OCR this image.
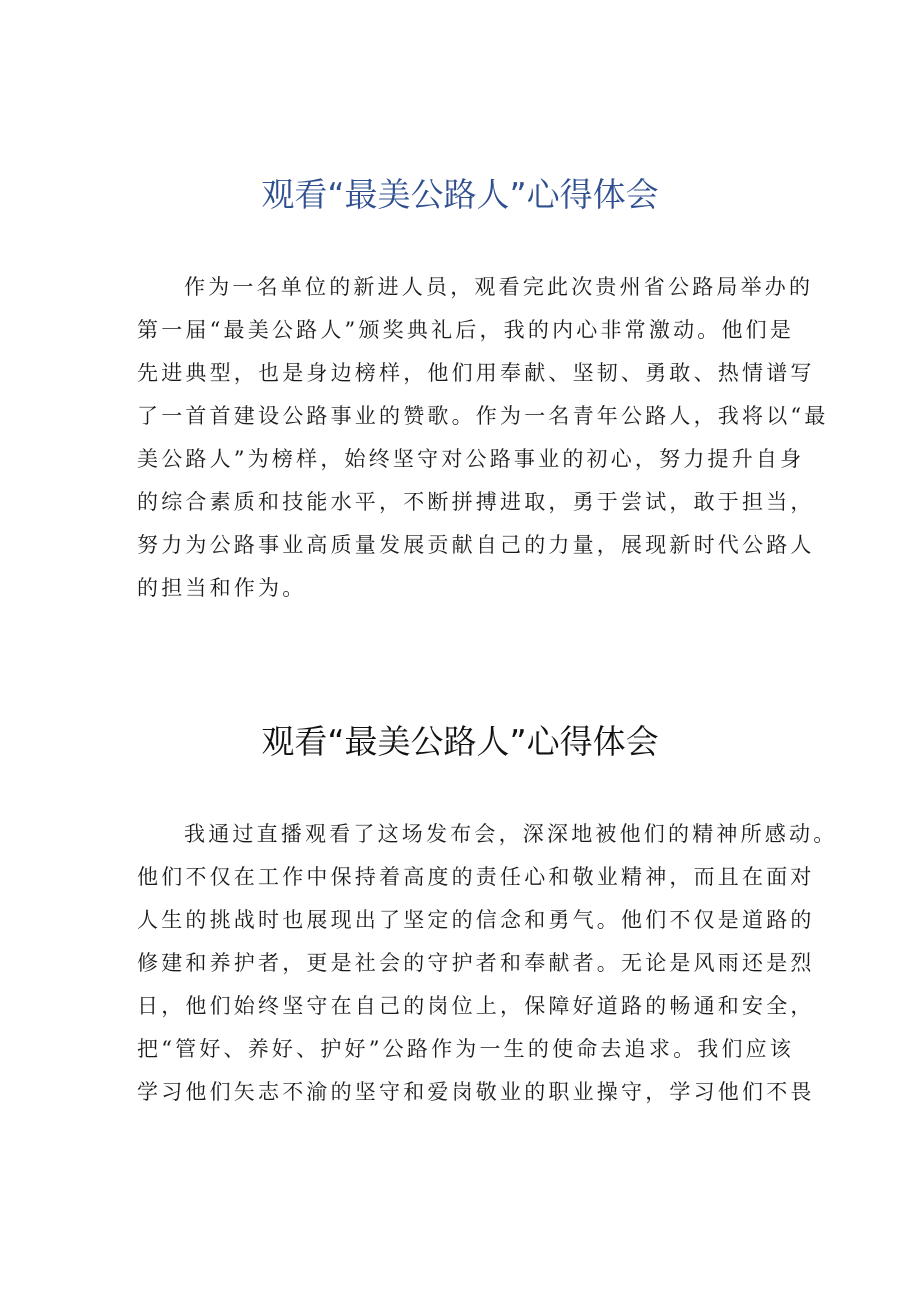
观看“最美公路人”心得体会
作为一名单位的新进人员，观看完此次贵州省公路局举办的
第一届“最美公路人”颁奖典礼后，我的内心非常激动。他们是
先进典型，也是身边榜样，他们用奉献、坚韧、勇敢、热情谱写
了一首首建设公路事业的赞歌。作为一名青年公路人，我将以“最
美公路人”为榜样，始终坚守对公路事业的初心，努力提升自身
的综合素质和技能水平，不断拼搏进取，勇于尝试，敢于担当，
努力为公路事业高质量发展贡献自己的力量，展现新时代公路人
的担当和作为。
观看“最美公路人”心得体会
我通过直播观看了这场发布会，深深地被他们的精神所感动。
他们不仅在工作中保持着高度的责任心和敬业精神，而且在面对
人生的挑战时也展现出了坚定的信念和勇气。他们不仅是道路的
修建和养护者，更是社会的守护者和奉献者。无论是风雨还是烈
日，他们始终坚守在自己的岗位上，保障好道路的畅通和安全，
把“管好、养好、护好”公路作为一生的使命去追求。我们应该
学习他们矢志不渝的坚守和爱岗敬业的职业操守，学习他们不畏
